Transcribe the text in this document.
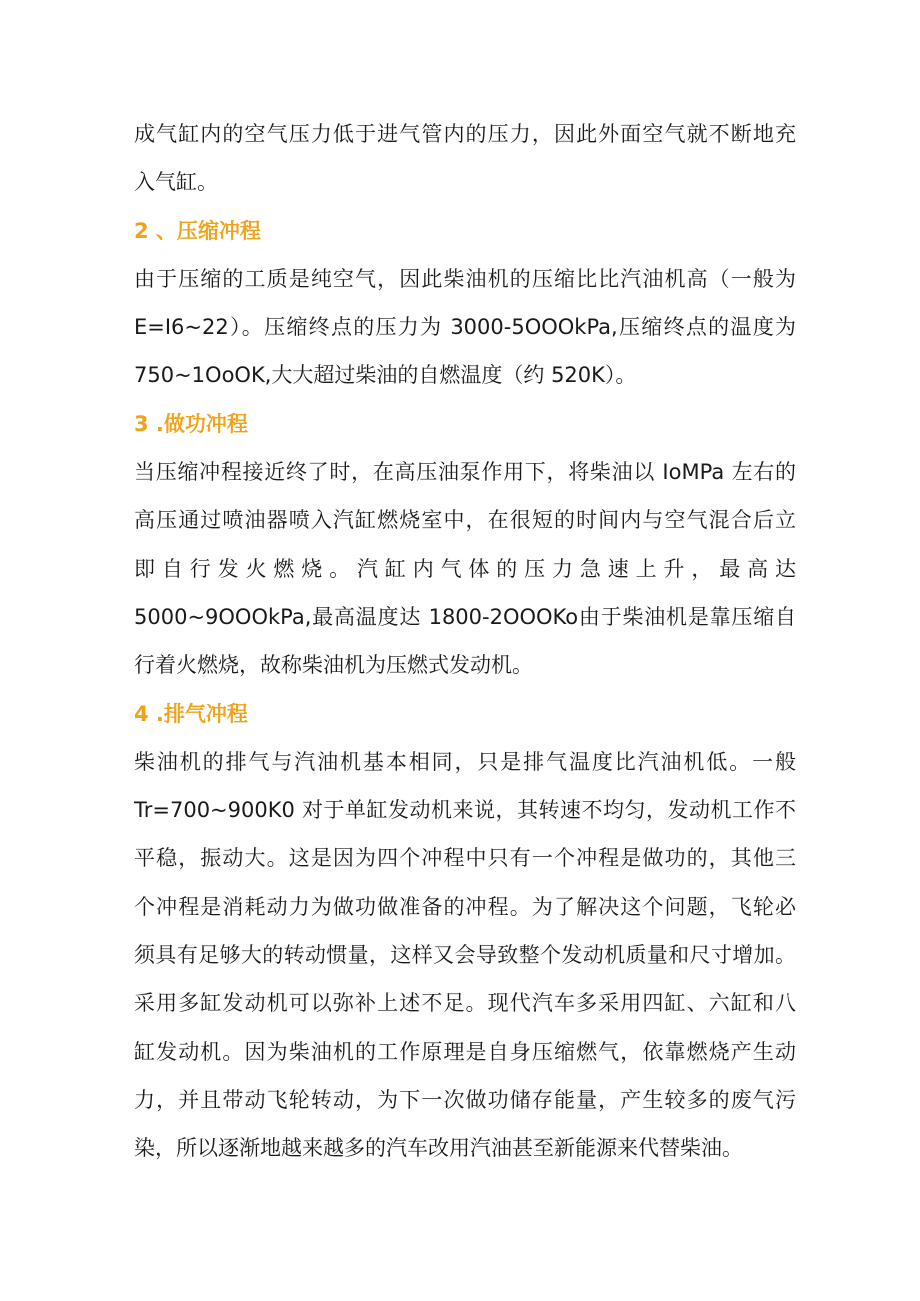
成气缸内的空气压力低于进气管内的压力，因此外面空气就不断地充
入气缸。
2 、压缩冲程
由于压缩的工质是纯空气，因此柴油机的压缩比比汽油机高（一般为
E=I6~22）。压缩终点的压力为 3000-5OOOkPa,压缩终点的温度为
750~1OoOK,大大超过柴油的自燃温度（约 520K）。
3 .做功冲程
当压缩冲程接近终了时，在高压油泵作用下，将柴油以 IoMPa 左右的
高压通过喷油器喷入汽缸燃烧室中，在很短的时间内与空气混合后立
即自行发火燃烧。汽缸内气体的压力急速上升，最高达
5000~9OOOkPa,最高温度达 1800-2OOOKo由于柴油机是靠压缩自
行着火燃烧，故称柴油机为压燃式发动机。
4 .排气冲程
柴油机的排气与汽油机基本相同，只是排气温度比汽油机低。一般
Tr=700~900K0 对于单缸发动机来说，其转速不均匀，发动机工作不
平稳，振动大。这是因为四个冲程中只有一个冲程是做功的，其他三
个冲程是消耗动力为做功做准备的冲程。为了解决这个问题，飞轮必
须具有足够大的转动惯量，这样又会导致整个发动机质量和尺寸增加。
采用多缸发动机可以弥补上述不足。现代汽车多采用四缸、六缸和八
缸发动机。因为柴油机的工作原理是自身压缩燃气，依靠燃烧产生动
力，并且带动飞轮转动，为下一次做功储存能量，产生较多的废气污
染，所以逐渐地越来越多的汽车改用汽油甚至新能源来代替柴油。
